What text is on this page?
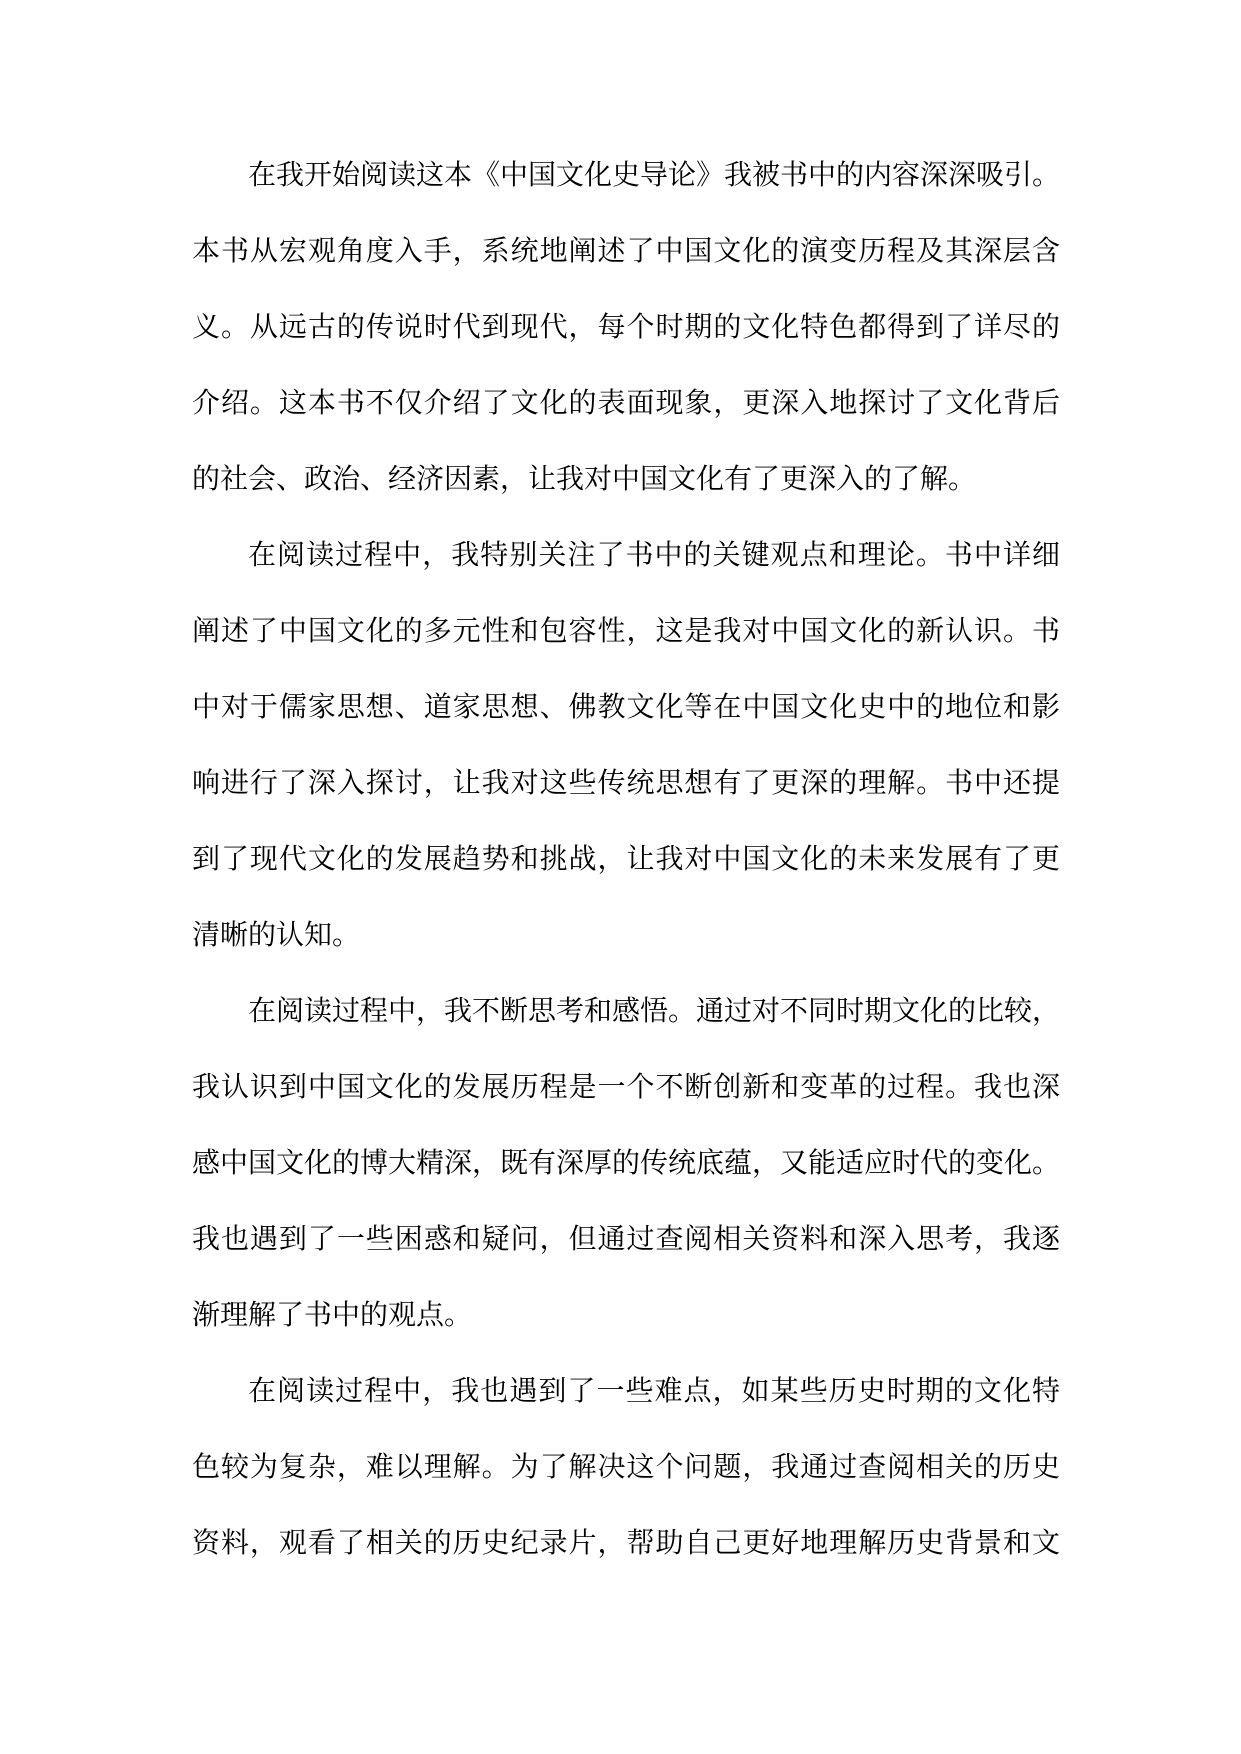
在我开始阅读这本《中国文化史导论》我被书中的内容深深吸引。
本书从宏观角度入手，系统地阐述了中国文化的演变历程及其深层含
义。从远古的传说时代到现代，每个时期的文化特色都得到了详尽的
介绍。这本书不仅介绍了文化的表面现象，更深入地探讨了文化背后
的社会、政治、经济因素，让我对中国文化有了更深入的了解。
在阅读过程中，我特别关注了书中的关键观点和理论。书中详细
阐述了中国文化的多元性和包容性，这是我对中国文化的新认识。书
中对于儒家思想、道家思想、佛教文化等在中国文化史中的地位和影
响进行了深入探讨，让我对这些传统思想有了更深的理解。书中还提
到了现代文化的发展趋势和挑战，让我对中国文化的未来发展有了更
清晰的认知。
在阅读过程中，我不断思考和感悟。通过对不同时期文化的比较，
我认识到中国文化的发展历程是一个不断创新和变革的过程。我也深
感中国文化的博大精深，既有深厚的传统底蕴，又能适应时代的变化。
我也遇到了一些困惑和疑问，但通过查阅相关资料和深入思考，我逐
渐理解了书中的观点。
在阅读过程中，我也遇到了一些难点，如某些历史时期的文化特
色较为复杂，难以理解。为了解决这个问题，我通过查阅相关的历史
资料，观看了相关的历史纪录片，帮助自己更好地理解历史背景和文
